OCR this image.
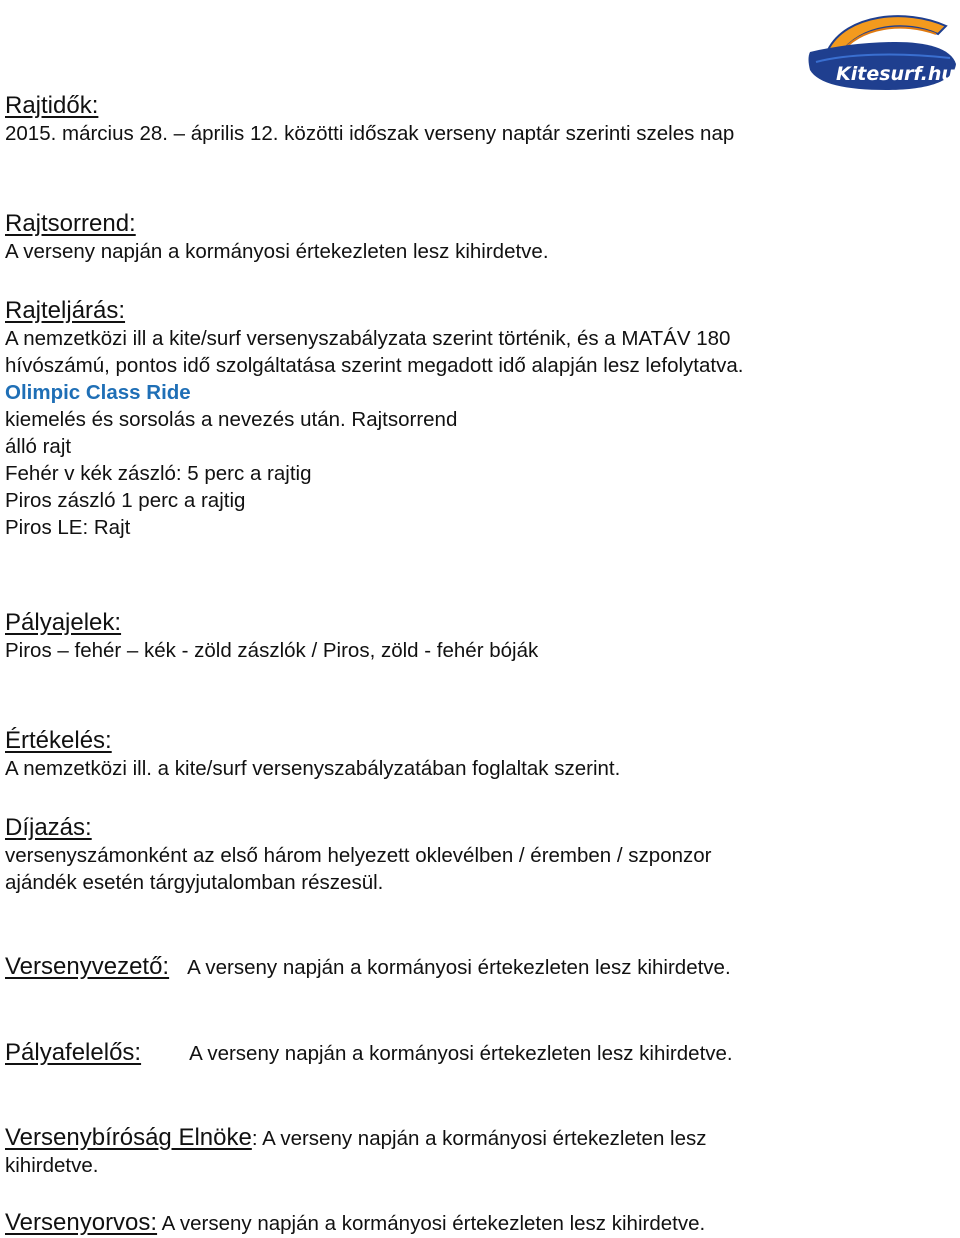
Kitesurf.hu
Rajtidők:
2015. március 28. – április 12. közötti időszak verseny naptár szerinti szeles nap
Rajtsorrend:
A verseny napján a kormányosi értekezleten lesz kihirdetve.
Rajteljárás:
A nemzetközi ill a kite/surf versenyszabályzata szerint történik, és a MATÁV 180
hívószámú, pontos idő szolgáltatása szerint megadott idő alapján lesz lefolytatva.
Olimpic Class Ride
kiemelés és sorsolás a nevezés után. Rajtsorrend
álló rajt
Fehér v kék zászló: 5 perc a rajtig
Piros zászló 1 perc a rajtig
Piros LE: Rajt
Pályajelek:
Piros – fehér – kék - zöld zászlók / Piros, zöld - fehér bóják
Értékelés:
A nemzetközi ill. a kite/surf versenyszabályzatában foglaltak szerint.
Díjazás:
versenyszámonként az első három helyezett oklevélben / éremben / szponzor
ajándék esetén tárgyjutalomban részesül.
Versenyvezető: A verseny napján a kormányosi értekezleten lesz kihirdetve.
Pályafelelős: A verseny napján a kormányosi értekezleten lesz kihirdetve.
Versenybíróság Elnöke: A verseny napján a kormányosi értekezleten lesz
kihirdetve.
Versenyorvos: A verseny napján a kormányosi értekezleten lesz kihirdetve.
